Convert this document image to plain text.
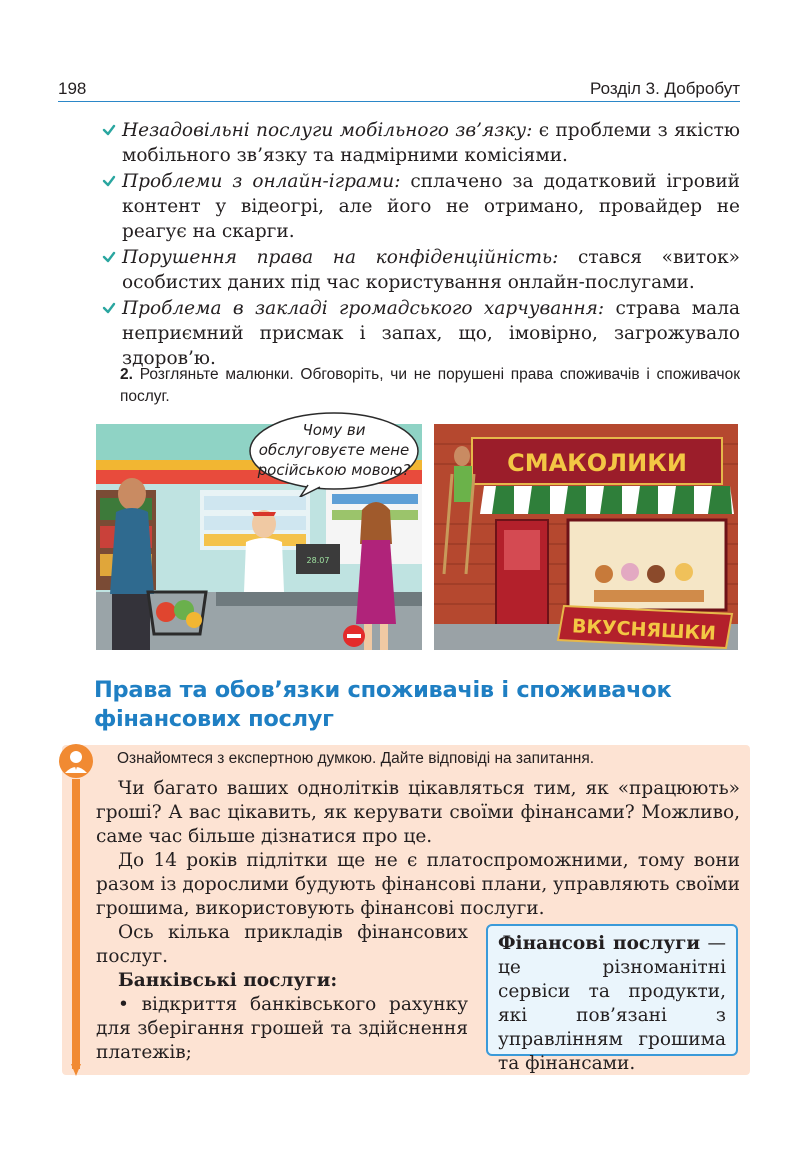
198	Розділ 3. Добробут
Незадовільні послуги мобільного зв’язку: є проблеми з якістю мобільного зв’язку та надмірними комісіями.
Проблеми з онлайн-іграми: сплачено за додатковий ігровий контент у відеогрі, але його не отримано, провайдер не реагує на скарги.
Порушення права на конфіденційність: стався «виток» особистих даних під час користування онлайн-послугами.
Проблема в закладі громадського харчування: страва мала неприємний присмак і запах, що, імовірно, загрожувало здоров’ю.
2. Розгляньте малюнки. Обговоріть, чи не порушені права споживачів і споживачок послуг.
28.07
Чому ви обслуговуєте мене російською мовою?	СМАКОЛИКИ
ВКУСНЯШКИ
Права та обов’язки споживачів і споживачок фінансових послуг
Ознайомтеся з експертною думкою. Дайте відповіді на запитання.

Чи багато ваших однолітків цікавляться тим, як «працюють» гроші? А вас цікавить, як керувати своїми фінансами? Можливо, саме час більше дізнатися про це.

До 14 років підлітки ще не є платоспроможними, тому вони разом із дорослими будують фінансові плани, управляють своїми грошима, використовують фінансові послуги.

Ось кілька прикладів фінансових послуг.

Банківські послуги:

• відкриття банківського рахунку для зберігання грошей та здійснення платежів;

Фінансові послуги — це різноманітні сервіси та продукти, які пов’язані з управлінням грошима та фінансами.
